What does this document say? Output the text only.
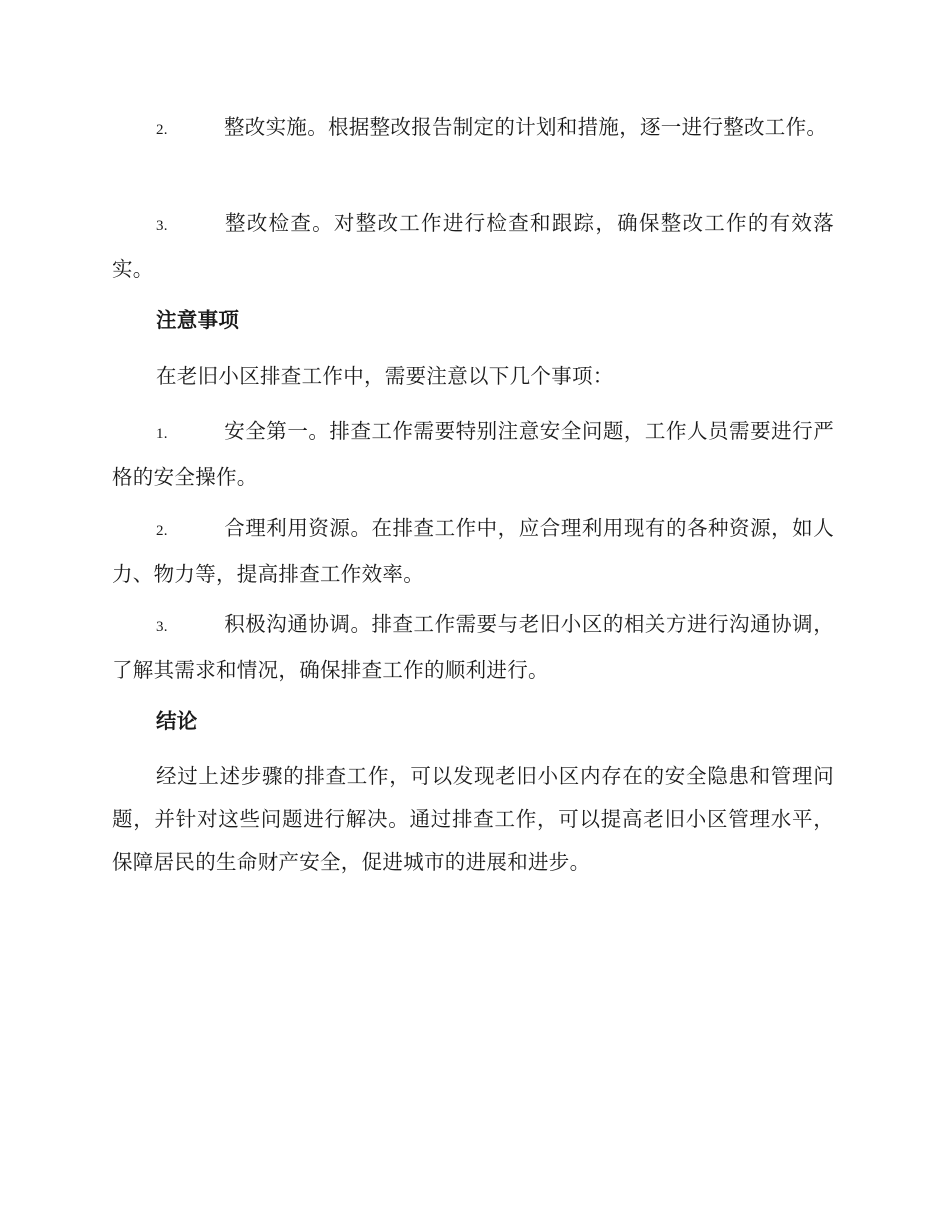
2.	整改实施。根据整改报告制定的计划和措施，逐一进行整改工作。

3.	整改检查。对整改工作进行检查和跟踪，确保整改工作的有效落实。

注意事项

在老旧小区排查工作中，需要注意以下几个事项：

1.	安全第一。排查工作需要特别注意安全问题，工作人员需要进行严格的安全操作。

2.	合理利用资源。在排查工作中，应合理利用现有的各种资源，如人力、物力等，提高排查工作效率。

3.	积极沟通协调。排查工作需要与老旧小区的相关方进行沟通协调，了解其需求和情况，确保排查工作的顺利进行。

结论

经过上述步骤的排查工作，可以发现老旧小区内存在的安全隐患和管理问题，并针对这些问题进行解决。通过排查工作，可以提高老旧小区管理水平，保障居民的生命财产安全，促进城市的进展和进步。
